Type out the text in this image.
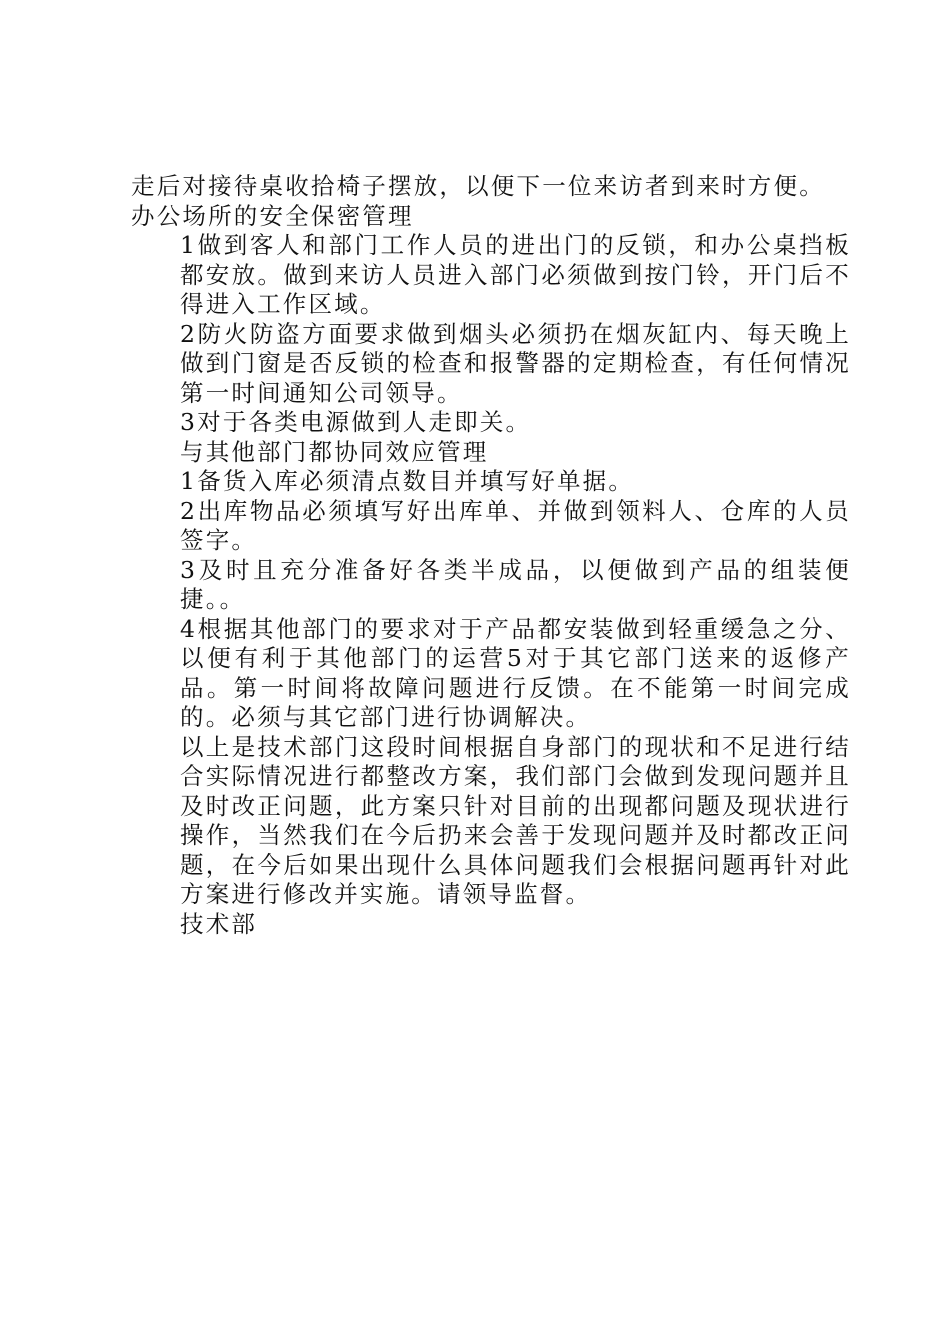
走后对接待桌收拾椅子摆放，以便下一位来访者到来时方便。
办公场所的安全保密管理
1做到客人和部门工作人员的进出门的反锁，和办公桌挡板都安放。做到来访人员进入部门必须做到按门铃，开门后不得进入工作区域。
2防火防盗方面要求做到烟头必须扔在烟灰缸内、每天晚上做到门窗是否反锁的检查和报警器的定期检查，有任何情况第一时间通知公司领导。
3对于各类电源做到人走即关。
与其他部门都协同效应管理
1备货入库必须清点数目并填写好单据。
2出库物品必须填写好出库单、并做到领料人、仓库的人员签字。
3及时且充分准备好各类半成品，以便做到产品的组装便捷。。
4根据其他部门的要求对于产品都安装做到轻重缓急之分、以便有利于其他部门的运营5对于其它部门送来的返修产品。第一时间将故障问题进行反馈。在不能第一时间完成的。必须与其它部门进行协调解决。
以上是技术部门这段时间根据自身部门的现状和不足进行结合实际情况进行都整改方案，我们部门会做到发现问题并且及时改正问题，此方案只针对目前的出现都问题及现状进行操作，当然我们在今后扔来会善于发现问题并及时都改正问题，在今后如果出现什么具体问题我们会根据问题再针对此方案进行修改并实施。请领导监督。
技术部
